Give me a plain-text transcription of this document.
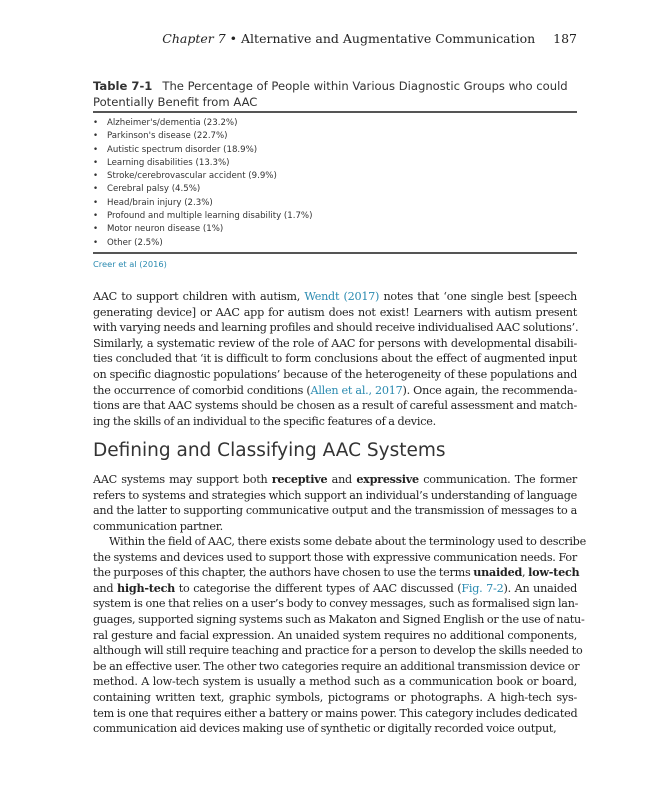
Chapter 7 • Alternative and Augmentative Communication 187
Table 7-1 The Percentage of People within Various Diagnostic Groups who could Potentially Benefit from AAC
• Alzheimer's/dementia (23.2%)
• Parkinson's disease (22.7%)
• Autistic spectrum disorder (18.9%)
• Learning disabilities (13.3%)
• Stroke/cerebrovascular accident (9.9%)
• Cerebral palsy (4.5%)
• Head/brain injury (2.3%)
• Profound and multiple learning disability (1.7%)
• Motor neuron disease (1%)
• Other (2.5%)
Creer et al (2016)
AAC to support children with autism, Wendt (2017) notes that ‘one single best [speech
generating device] or AAC app for autism does not exist! Learners with autism present
with varying needs and learning profiles and should receive individualised AAC solutions’.
Similarly, a systematic review of the role of AAC for persons with developmental disabili-
ties concluded that ‘it is difficult to form conclusions about the effect of augmented input
on specific diagnostic populations’ because of the heterogeneity of these populations and
the occurrence of comorbid conditions (Allen et al., 2017). Once again, the recommenda-
tions are that AAC systems should be chosen as a result of careful assessment and match-
ing the skills of an individual to the specific features of a device.
Defining and Classifying AAC Systems
AAC systems may support both receptive and expressive communication. The former
refers to systems and strategies which support an individual’s understanding of language
and the latter to supporting communicative output and the transmission of messages to a
communication partner.
Within the field of AAC, there exists some debate about the terminology used to describe
the systems and devices used to support those with expressive communication needs. For
the purposes of this chapter, the authors have chosen to use the terms unaided, low-tech
and high-tech to categorise the different types of AAC discussed (Fig. 7-2). An unaided
system is one that relies on a user’s body to convey messages, such as formalised sign lan-
guages, supported signing systems such as Makaton and Signed English or the use of natu-
ral gesture and facial expression. An unaided system requires no additional components,
although will still require teaching and practice for a person to develop the skills needed to
be an effective user. The other two categories require an additional transmission device or
method. A low-tech system is usually a method such as a communication book or board,
containing written text, graphic symbols, pictograms or photographs. A high-tech sys-
tem is one that requires either a battery or mains power. This category includes dedicated
communication aid devices making use of synthetic or digitally recorded voice output,
